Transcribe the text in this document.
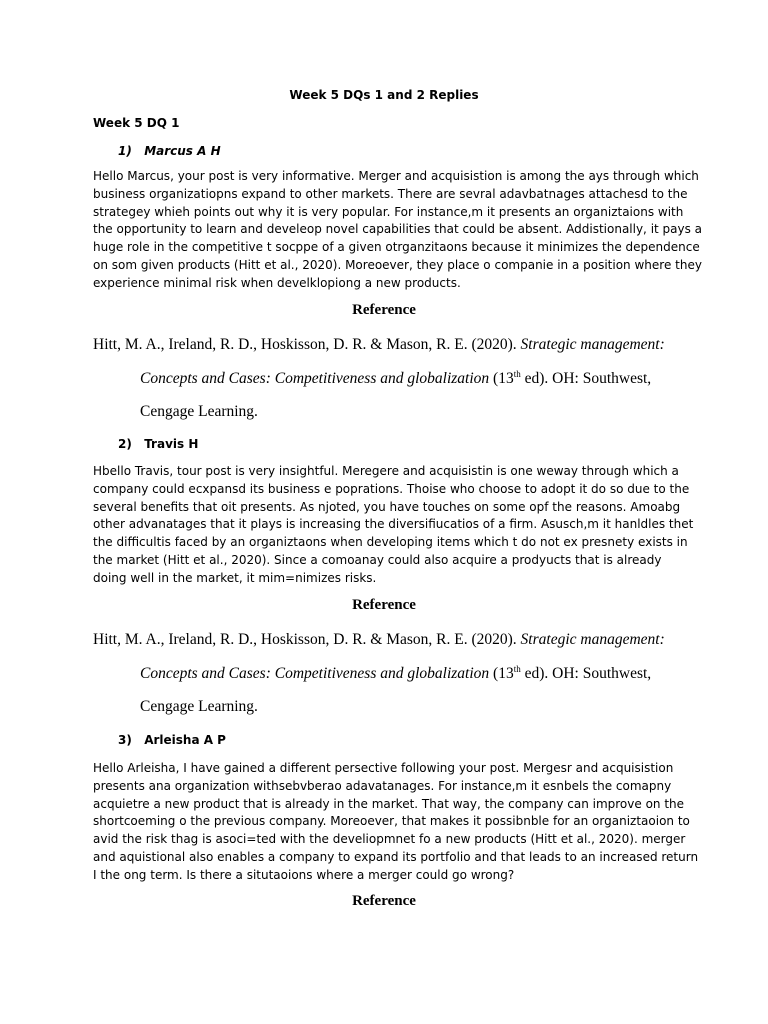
Week 5 DQs 1 and 2 Replies
Week 5 DQ 1
1) Marcus A H
Hello Marcus, your post is very informative. Merger and acquisistion is among the ays through which
business organizatiopns expand to other markets. There are sevral adavbatnages attachesd to the
strategey whieh points out why it is very popular. For instance,m it presents an organiztaions with
the opportunity to learn and develeop novel capabilities that could be absent. Addistionally, it pays a
huge role in the competitive t socppe of a given otrganzitaons because it minimizes the dependence
on som given products (Hitt et al., 2020). Moreoever, they place o companie in a position where they
experience minimal risk when develklopiong a new products.
Reference
Hitt, M. A., Ireland, R. D., Hoskisson, D. R. & Mason, R. E. (2020). Strategic management:
Concepts and Cases: Competitiveness and globalization (13th ed). OH: Southwest,
Cengage Learning.
2) Travis H
Hbello Travis, tour post is very insightful. Meregere and acquisistin is one weway through which a
company could ecxpansd its business e poprations. Thoise who choose to adopt it do so due to the
several benefits that oit presents. As njoted, you have touches on some opf the reasons. Amoabg
other advanatages that it plays is increasing the diversifiucatios of a firm. Asusch,m it hanldles thet
the difficultis faced by an organiztaons when developing items which t do not ex presnety exists in
the market (Hitt et al., 2020). Since a comoanay could also acquire a prodyucts that is already
doing well in the market, it mim=nimizes risks.
Reference
Hitt, M. A., Ireland, R. D., Hoskisson, D. R. & Mason, R. E. (2020). Strategic management:
Concepts and Cases: Competitiveness and globalization (13th ed). OH: Southwest,
Cengage Learning.
3) Arleisha A P
Hello Arleisha, I have gained a different persective following your post. Mergesr and acquisistion
presents ana organization withsebvberao adavatanages. For instance,m it esnbels the comapny
acquietre a new product that is already in the market. That way, the company can improve on the
shortcoeming o the previous company. Moreoever, that makes it possibnble for an organiztaoion to
avid the risk thag is asoci=ted with the develiopmnet fo a new products (Hitt et al., 2020). merger
and aquistional also enables a company to expand its portfolio and that leads to an increased return
I the ong term. Is there a situtaoions where a merger could go wrong?
Reference
